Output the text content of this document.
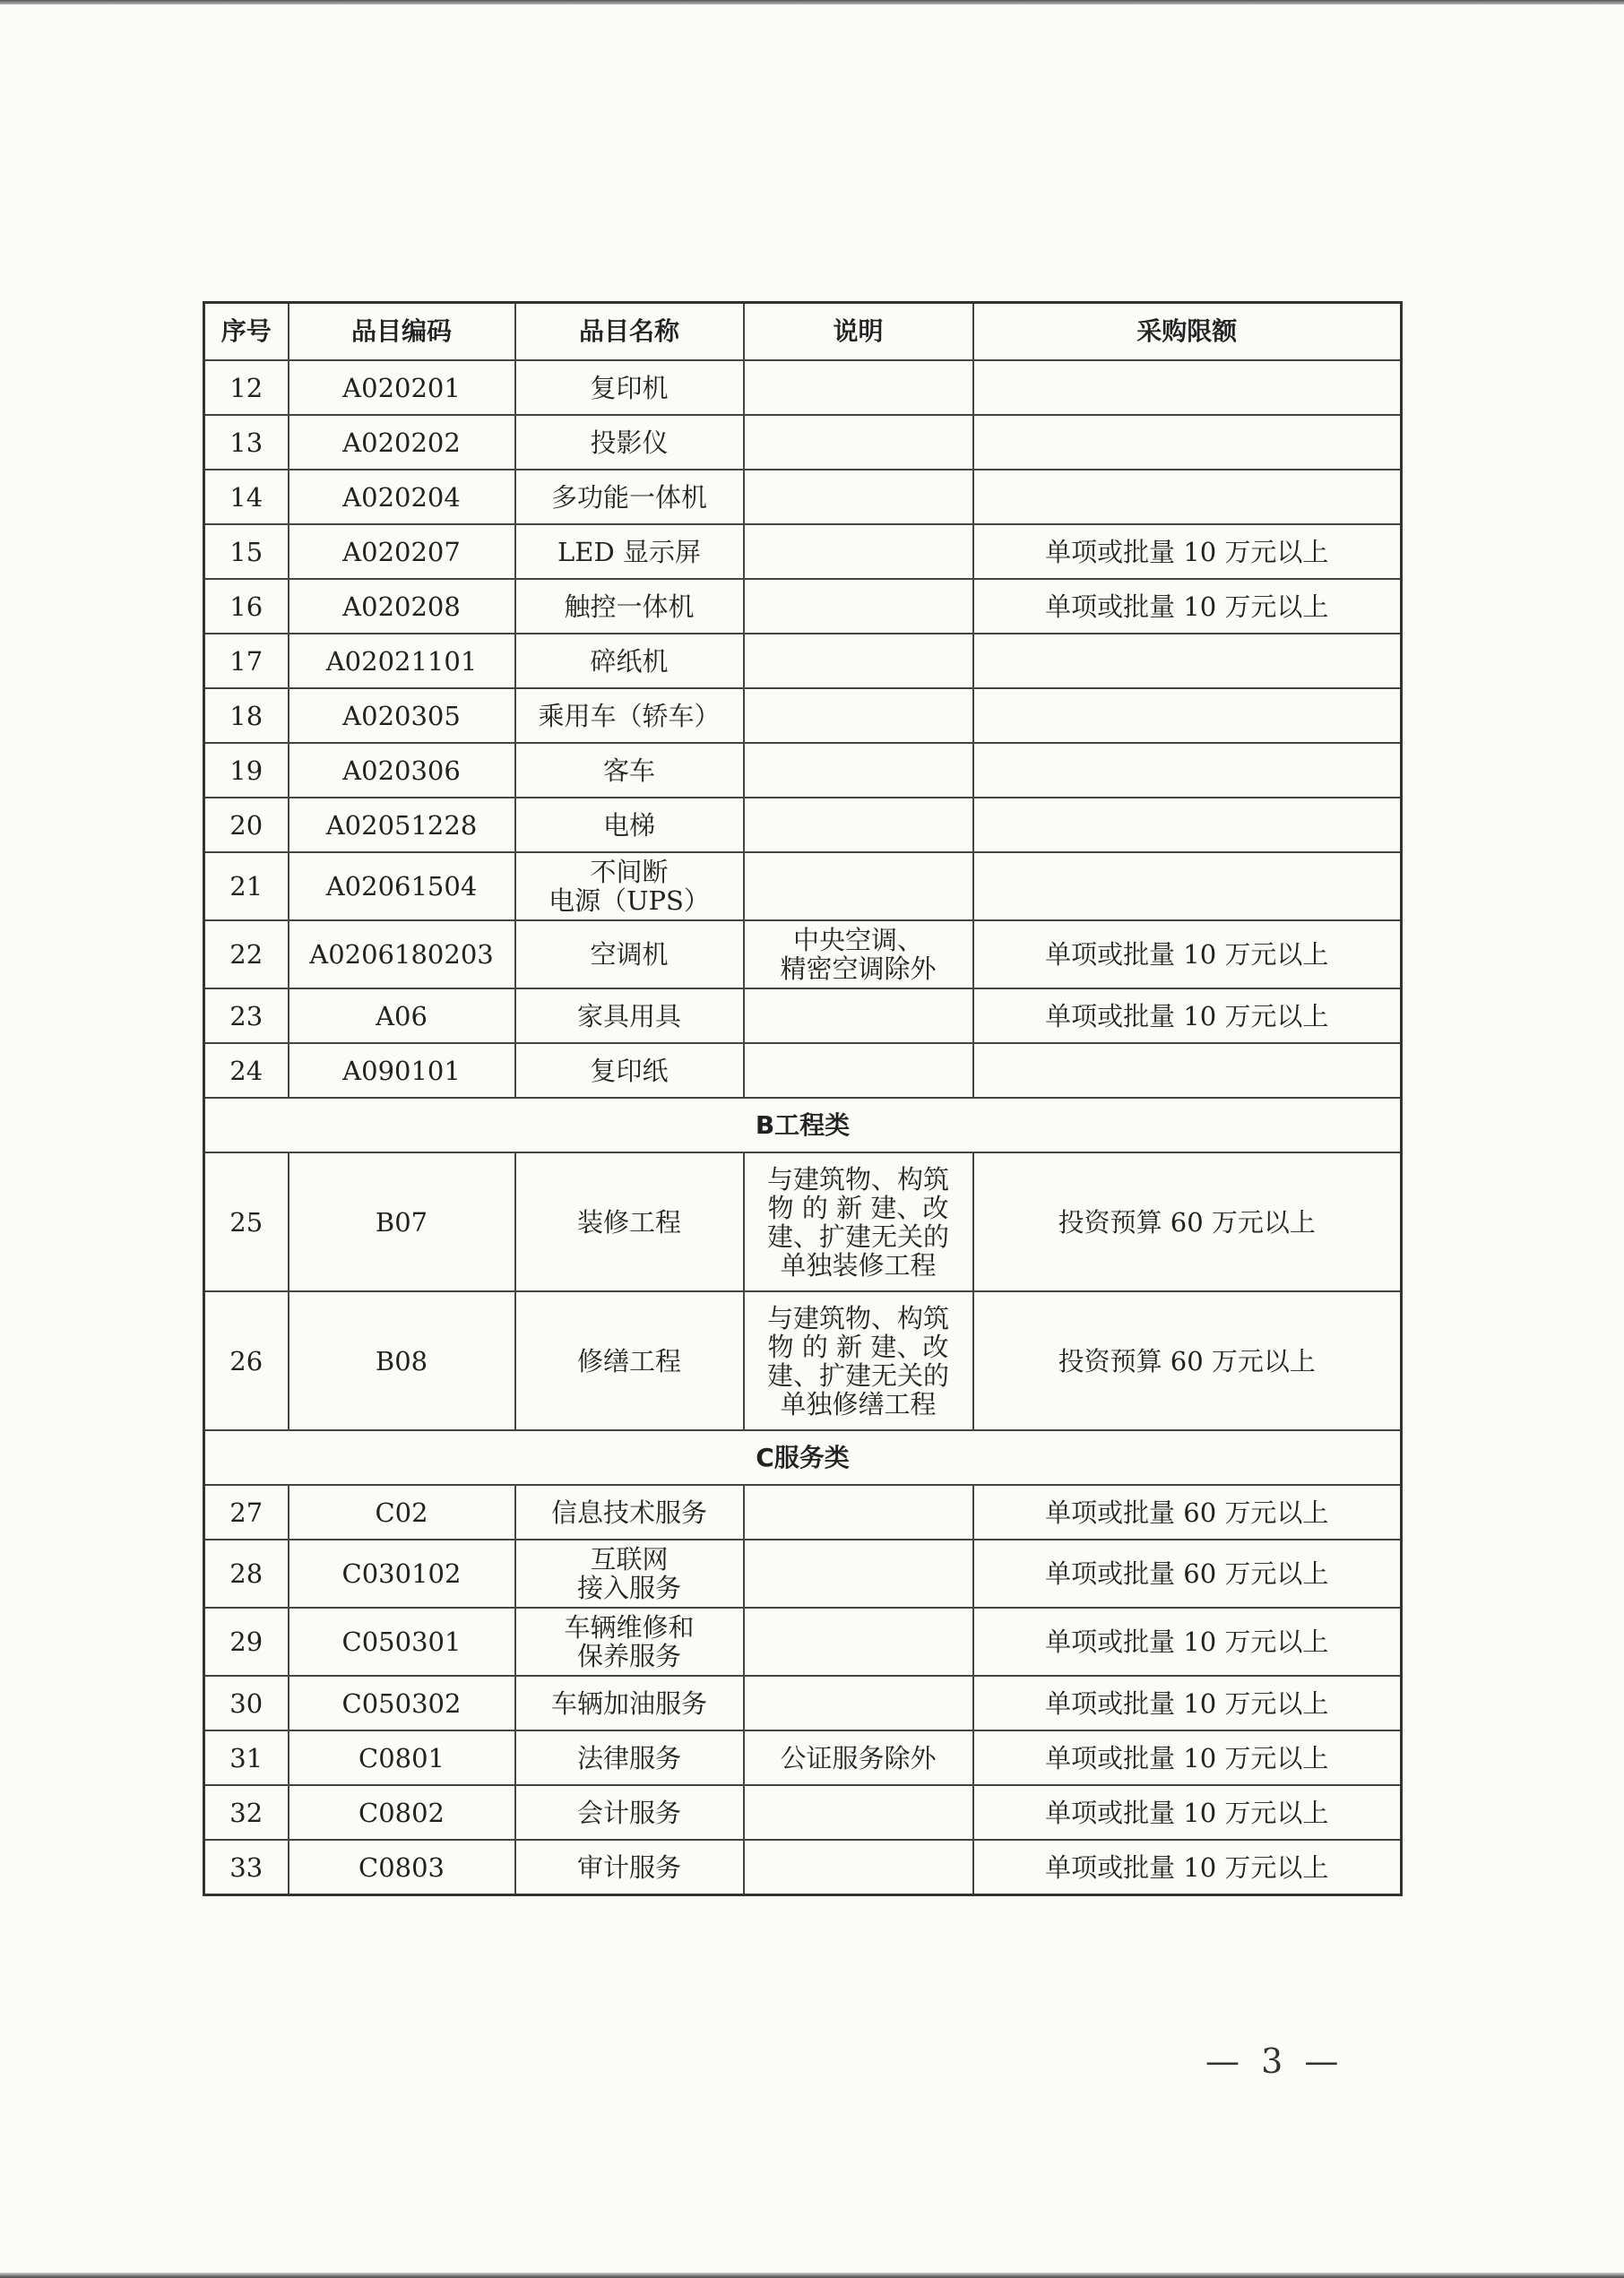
序号	品目编码	品目名称	说明	采购限额
12	A020201	复印机		
13	A020202	投影仪		
14	A020204	多功能一体机		
15	A020207	LED 显示屏		单项或批量 10 万元以上
16	A020208	触控一体机		单项或批量 10 万元以上
17	A02021101	碎纸机		
18	A020305	乘用车（轿车）		
19	A020306	客车		
20	A02051228	电梯		
21	A02061504	不间断
电源（UPS）		
22	A0206180203	空调机	中央空调、
精密空调除外	单项或批量 10 万元以上
23	A06	家具用具		单项或批量 10 万元以上
24	A090101	复印纸		
B工程类				
25	B07	装修工程	与建筑物、构筑
物 的 新 建、改
建、扩建无关的
单独装修工程	投资预算 60 万元以上
26	B08	修缮工程	与建筑物、构筑
物 的 新 建、改
建、扩建无关的
单独修缮工程	投资预算 60 万元以上
C服务类				
27	C02	信息技术服务		单项或批量 60 万元以上
28	C030102	互联网
接入服务		单项或批量 60 万元以上
29	C050301	车辆维修和
保养服务		单项或批量 10 万元以上
30	C050302	车辆加油服务		单项或批量 10 万元以上
31	C0801	法律服务	公证服务除外	单项或批量 10 万元以上
32	C0802	会计服务		单项或批量 10 万元以上
33	C0803	审计服务		单项或批量 10 万元以上
— 3 —
